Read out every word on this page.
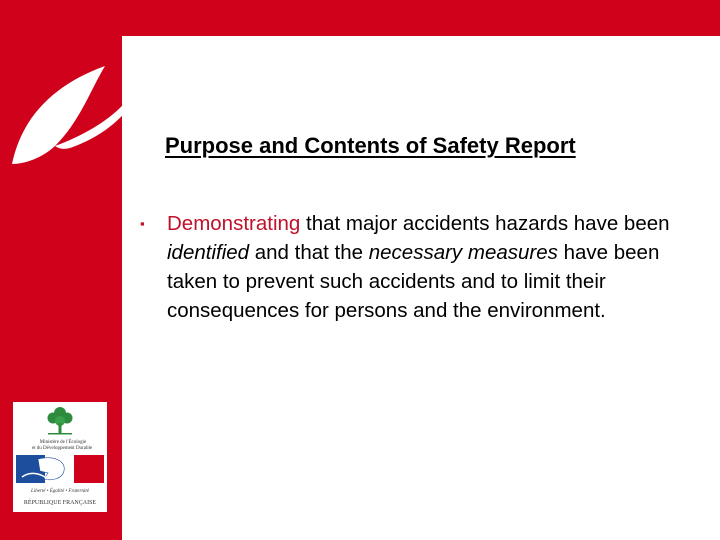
Purpose and Contents of Safety Report
▪ Demonstrating that major accidents hazards have been identified and that the necessary measures have been taken to prevent such accidents and to limit their consequences for persons and the environment.
Ministère de l'Écologie
et du Développement Durable
Liberté • Égalité • Fraternité
RÉPUBLIQUE FRANÇAISE
